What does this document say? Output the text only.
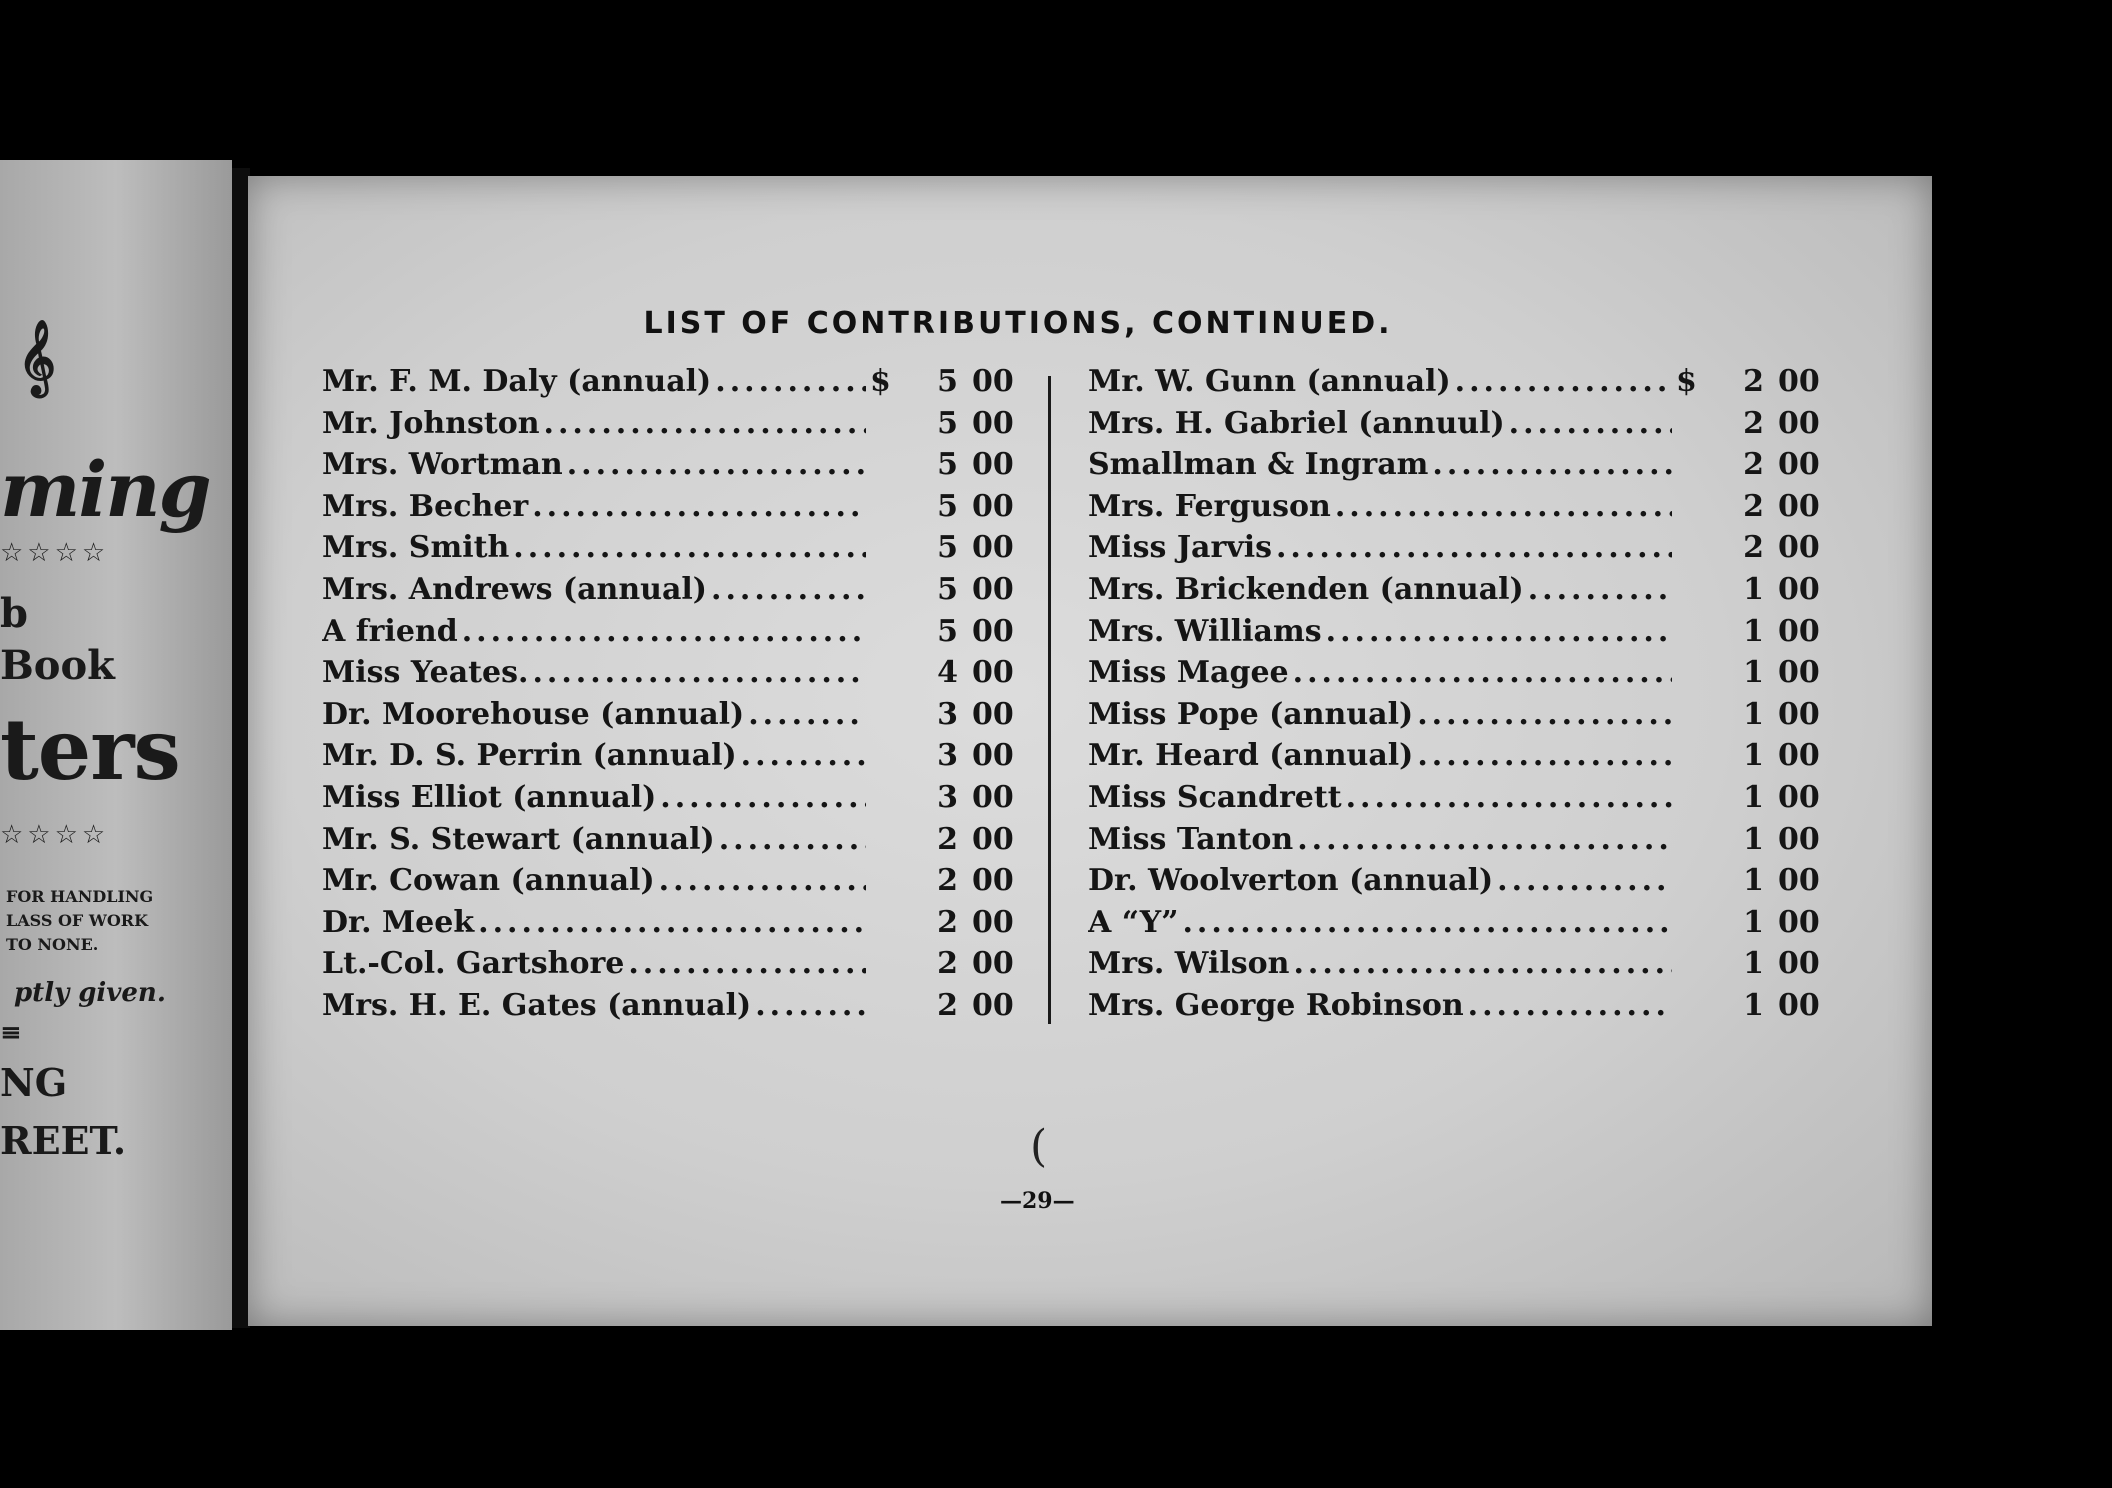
𝄞
ming
☆☆☆☆
b
Book
ters
☆☆☆☆
FOR HANDLING
LASS OF WORK
TO NONE.
ptly given.
≡
NG
REET.
LIST OF CONTRIBUTIONS, CONTINUED.
Mr. F. M. Daly (annual) .....	$	5 00
Mr. Johnston .....	5 00
Mrs. Wortman .....	5 00
Mrs. Becher .....	5 00
Mrs. Smith .....	5 00
Mrs. Andrews (annual) .....	5 00
A friend .....	5 00
Miss Yeates. .....	4 00
Dr. Moorehouse (annual) .....	3 00
Mr. D. S. Perrin (annual) .....	3 00
Miss Elliot (annual) .....	3 00
Mr. S. Stewart (annual) .....	2 00
Mr. Cowan (annual) .....	2 00
Dr. Meek .....	2 00
Lt.-Col. Gartshore .....	2 00
Mrs. H. E. Gates (annual) .....	2 00
Mr. W. Gunn (annual) .....	$	2 00
Mrs. H. Gabriel (annuul) .....	2 00
Smallman & Ingram .....	2 00
Mrs. Ferguson .....	2 00
Miss Jarvis .....	2 00
Mrs. Brickenden (annual) .....	1 00
Mrs. Williams .....	1 00
Miss Magee .....	1 00
Miss Pope (annual) .....	1 00
Mr. Heard (annual) .....	1 00
Miss Scandrett .....	1 00
Miss Tanton .....	1 00
Dr. Woolverton (annual) .....	1 00
A “Y” .....	1 00
Mrs. Wilson .....	1 00
Mrs. George Robinson .....	1 00
(
—29—
